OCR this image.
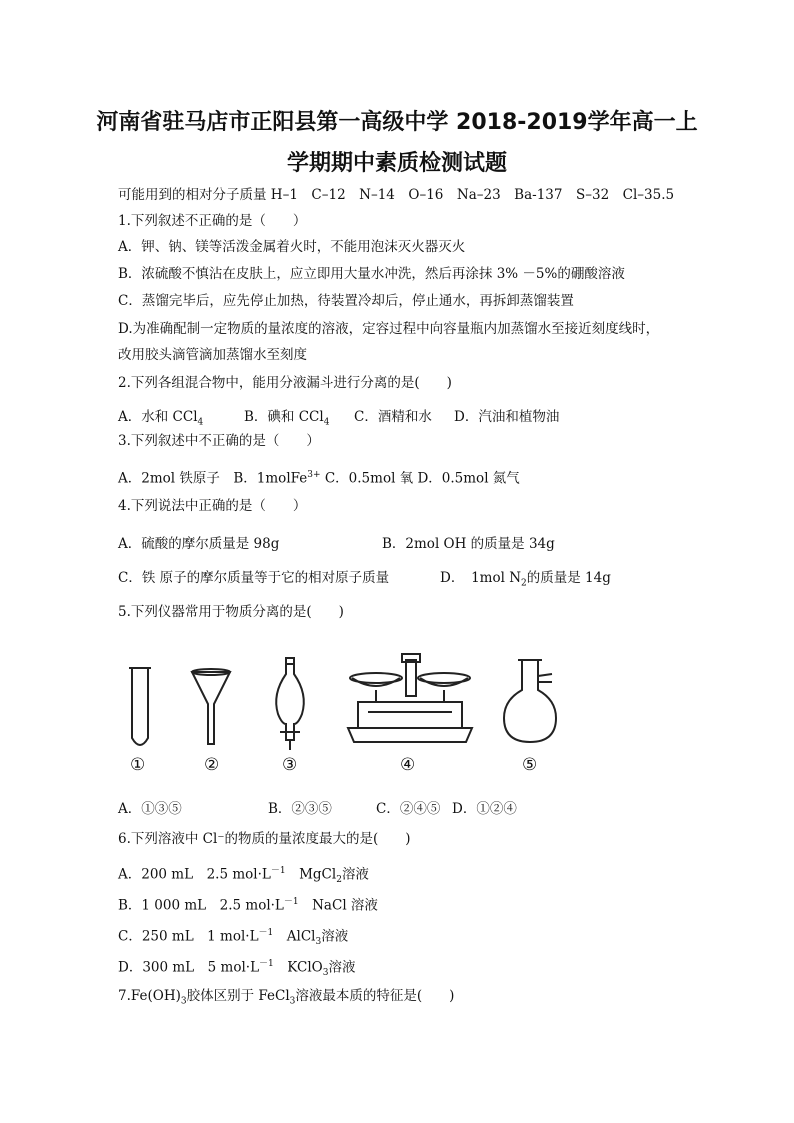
河南省驻马店市正阳县第一高级中学 2018-2019学年高一上
学期期中素质检测试题
可能用到的相对分子质量 H–1　C–12　N–14　O–16　Na–23　Ba-137　S–32　Cl–35.5
1.下列叙述不正确的是（　　）
A．钾、钠、镁等活泼金属着火时，不能用泡沫灭火器灭火
B．浓硫酸不慎沾在皮肤上，应立即用大量水冲洗，然后再涂抹 3% －5%的硼酸溶液
C．蒸馏完毕后，应先停止加热，待装置冷却后，停止通水，再拆卸蒸馏装置
D.为准确配制一定物质的量浓度的溶液，定容过程中向容量瓶内加蒸馏水至接近刻度线时，
改用胶头滴管滴加蒸馏水至刻度
2.下列各组混合物中，能用分液漏斗进行分离的是(　　)
A．水和 CCl$_4$	B．碘和 CCl$_4$ C．酒精和水 D．汽油和植物油
3.下列叙述中不正确的是（　　）
A．2mol 铁原子　B．1molFe$^{3+}$ C．0.5mol 氧 D．0.5mol 氮气
4.下列说法中正确的是（　　）
A．硫酸的摩尔质量是 98g	B．2mol OH 的质量是 34g
C．铁 原子的摩尔质量等于它的相对原子质量	D．　1mol $N_2$的质量是 14g
5.下列仪器常用于物质分离的是(　　)
①	②	③	④	⑤
A．①③⑤	B．②③⑤	C．②④⑤ D．①②④
6.下列溶液中 Cl⁻的物质的量浓度最大的是(　　)
A．200 mL　2.5 $mol\cdot L^{-1}$　MgCl$_2$溶液
B．1 000 mL　2.5 $mol\cdot L^{-1}$　NaCl 溶液
C．250 mL　1 $mol\cdot L^{-1}$　AlCl$_3$溶液
D．300 mL　5 $mol\cdot L^{-1}$　KClO$_3$溶液
$7.Fe(OH)_3$胶体区别于 FeCl$_3$溶液最本质的特征是(　　)
